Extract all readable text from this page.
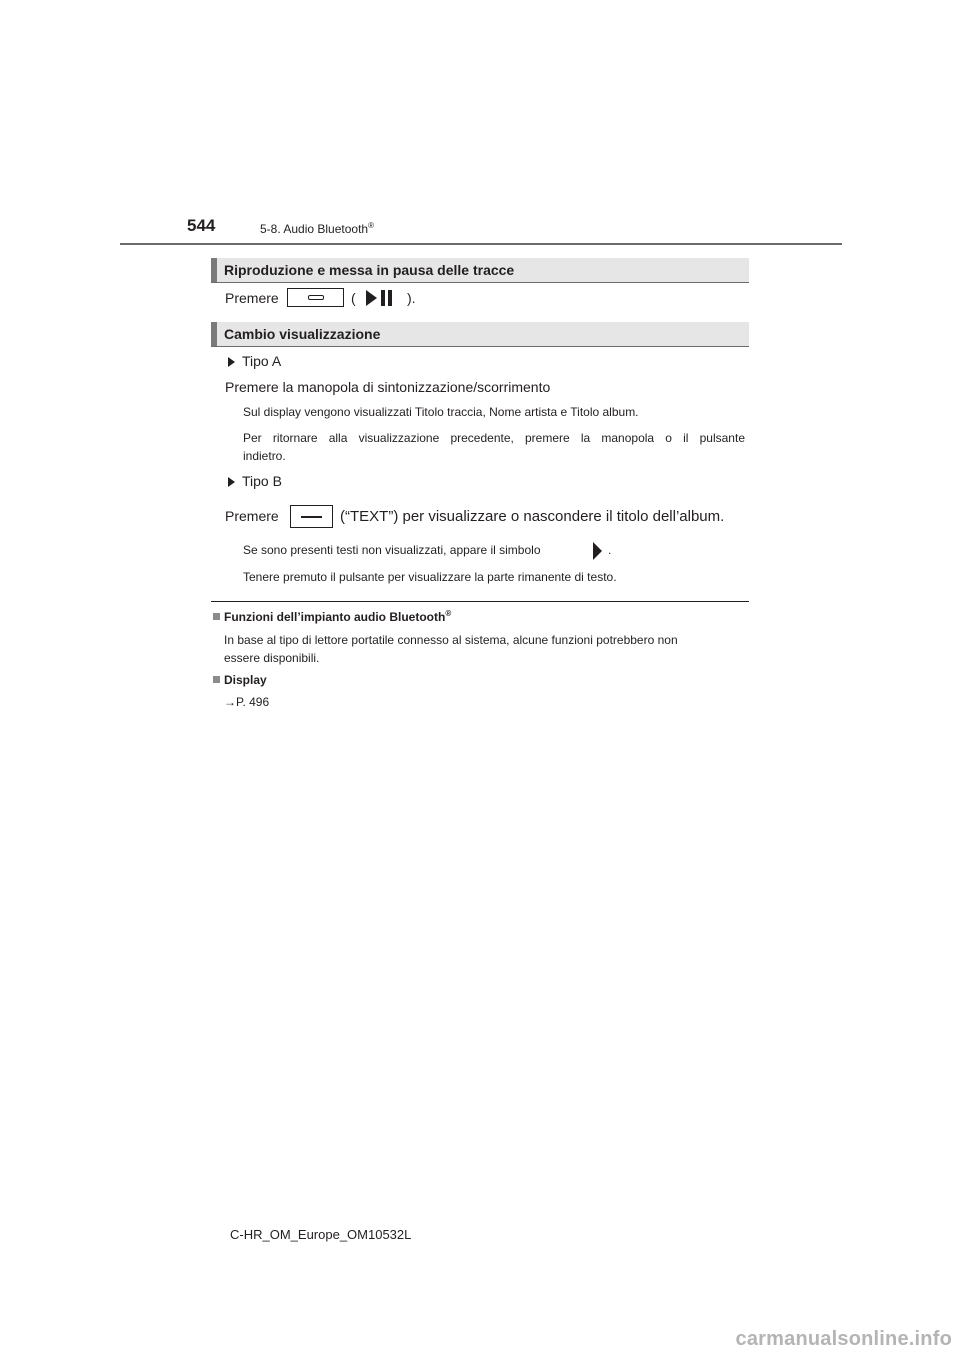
544	5-8. Audio Bluetooth®
Riproduzione e messa in pausa delle tracce
Premere	(	).
Cambio visualizzazione
Tipo A
Premere la manopola di sintonizzazione/scorrimento
Sul display vengono visualizzati Titolo traccia, Nome artista e Titolo album.
Per ritornare alla visualizzazione precedente, premere la manopola o il pulsante
indietro.
Tipo B
Premere	(“TEXT”) per visualizzare o nascondere il titolo dell’album.
Se sono presenti testi non visualizzati, appare il simbolo	.
Tenere premuto il pulsante per visualizzare la parte rimanente di testo.
Funzioni dell’impianto audio Bluetooth®
In base al tipo di lettore portatile connesso al sistema, alcune funzioni potrebbero non
essere disponibili.
Display
→P. 496
C-HR_OM_Europe_OM10532L
carmanualsonline.info
